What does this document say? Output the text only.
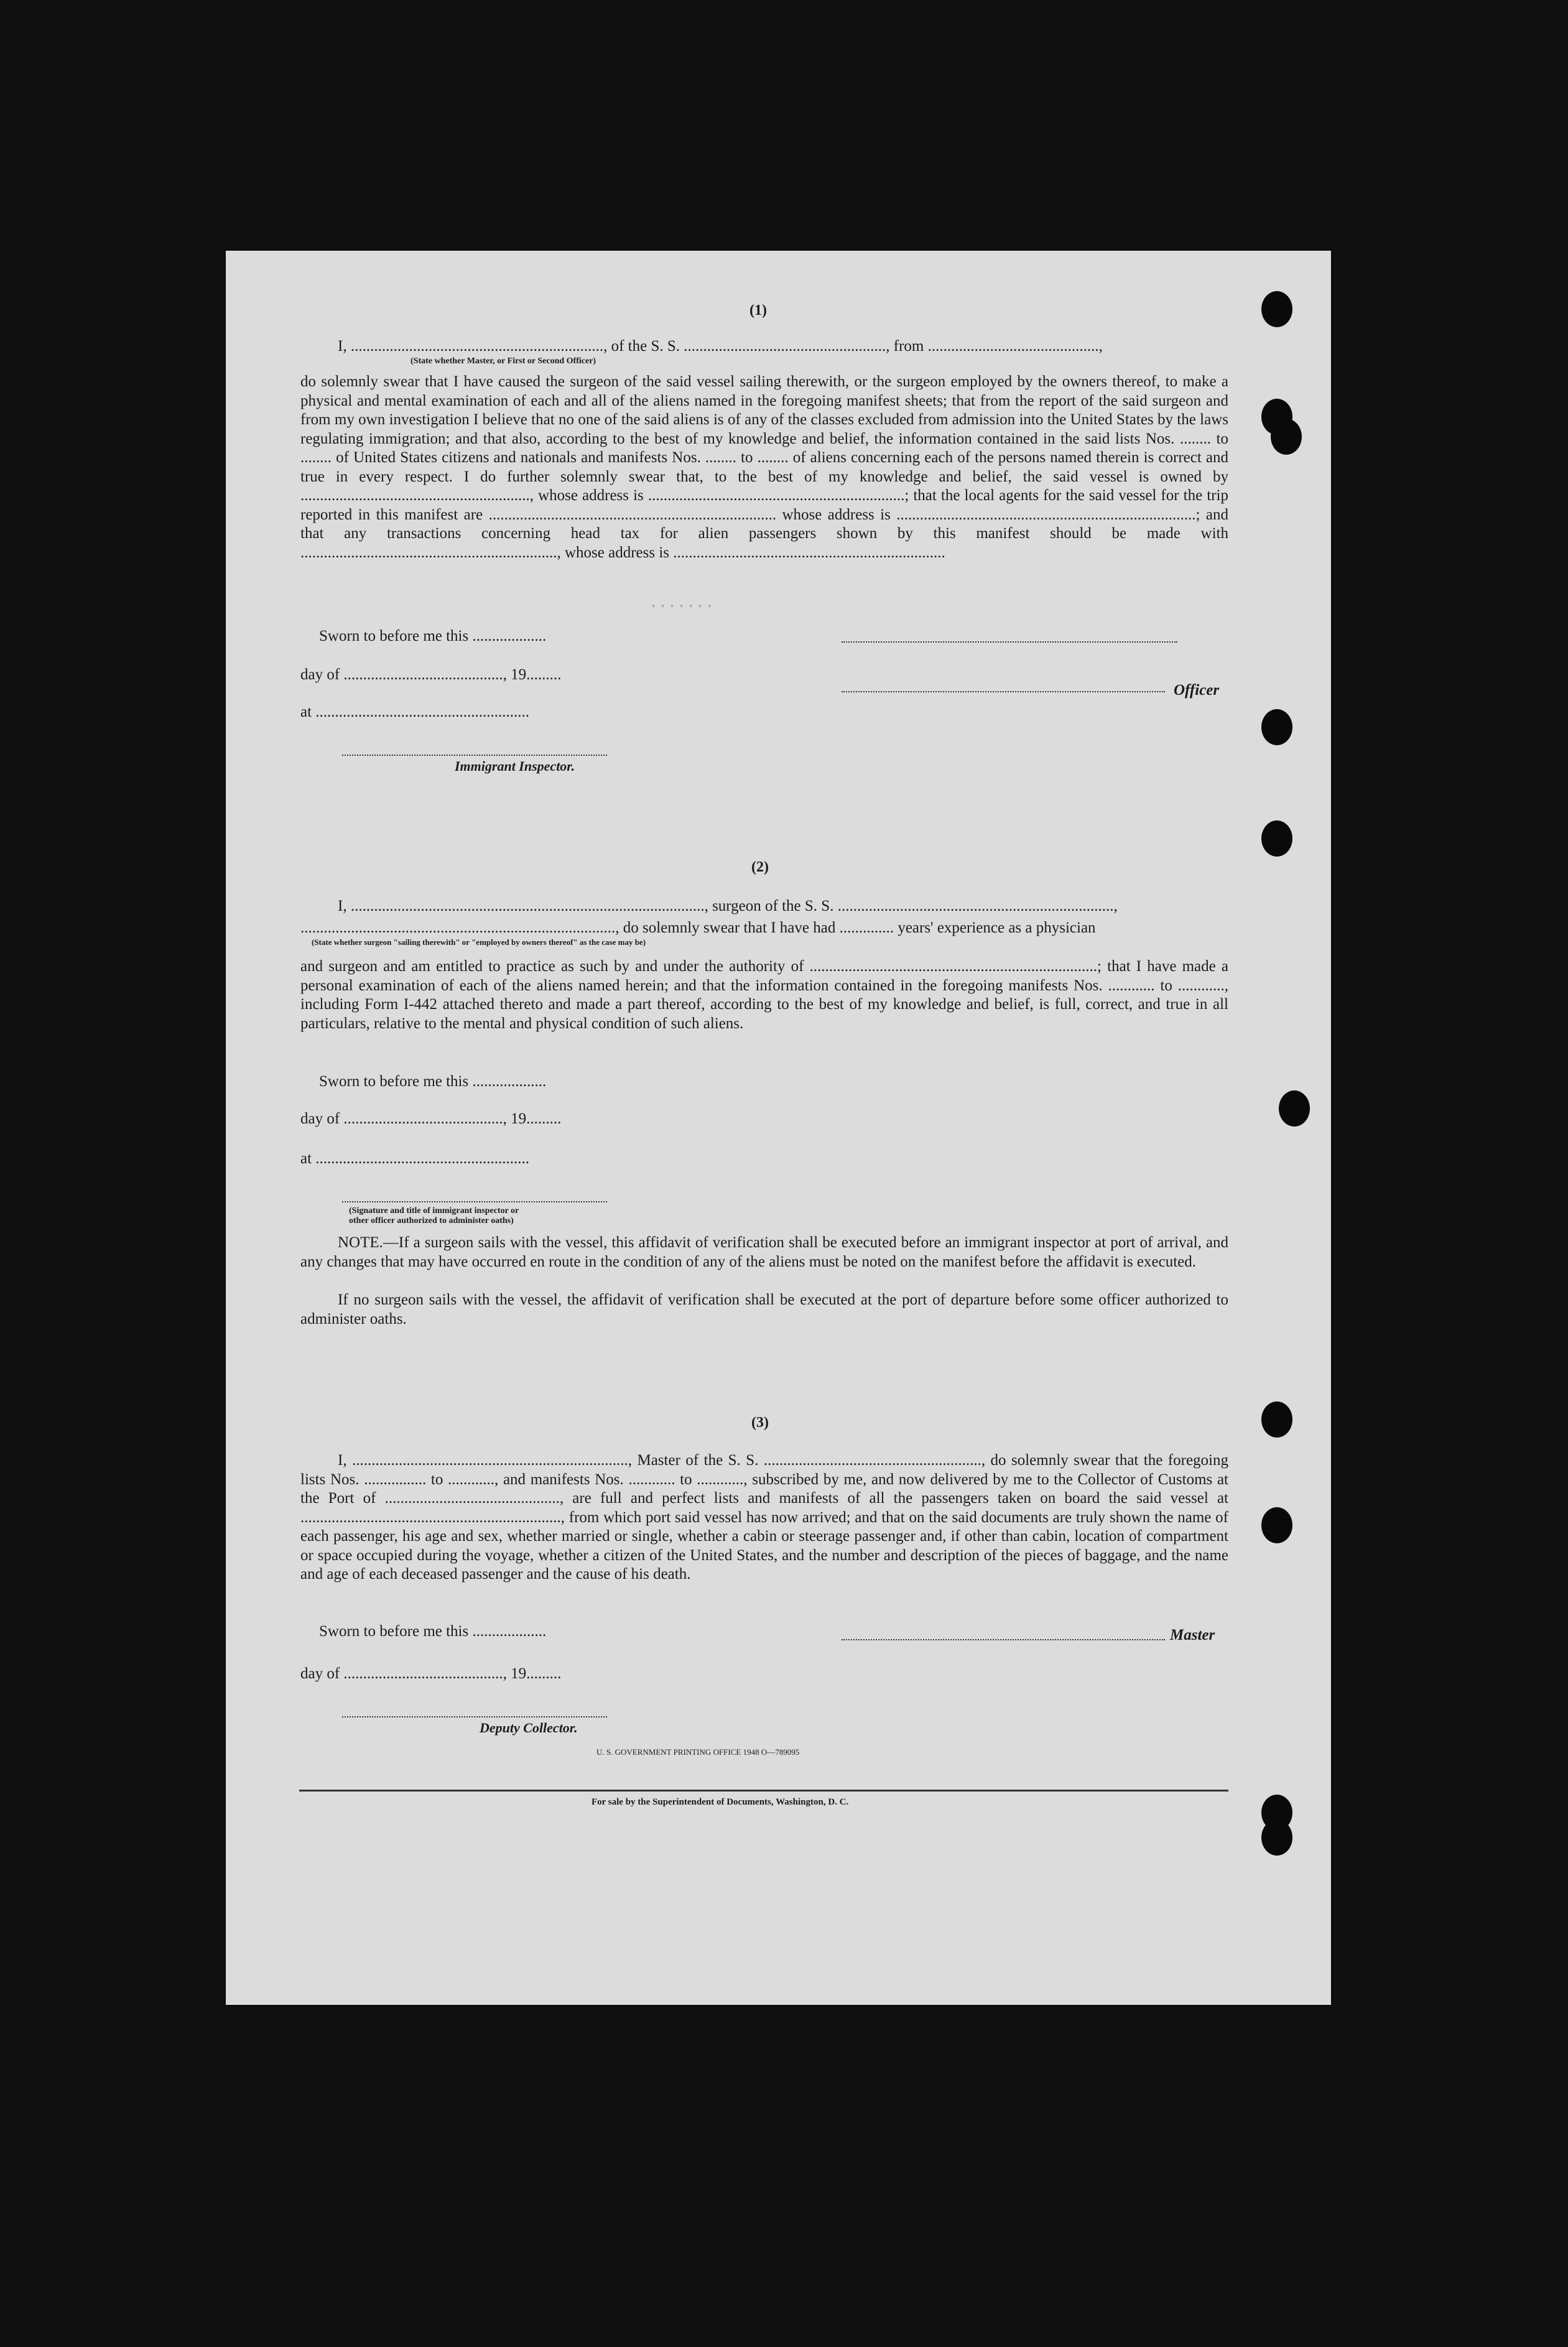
.......
(1)
I, ................................................................., of the S. S. ...................................................., from ............................................,
(State whether Master, or First or Second Officer)

do solemnly swear that I have caused the surgeon of the said vessel sailing therewith, or the surgeon employed by the owners thereof, to make a physical and mental examination of each and all of the aliens named in the foregoing manifest sheets; that from the report of the said surgeon and from my own investigation I believe that no one of the said aliens is of any of the classes excluded from admission into the United States by the laws regulating immigration; and that also, according to the best of my knowledge and belief, the information contained in the said lists Nos. ........ to ........ of United States citizens and nationals and manifests Nos. ........ to ........ of aliens concerning each of the persons named therein is correct and true in every respect. I do further solemnly swear that, to the best of my knowledge and belief, the said vessel is owned by ..........................................................., whose address is ..................................................................; that the local agents for the said vessel for the trip reported in this manifest are .......................................................................... whose address is .............................................................................; and that any transactions concerning head tax for alien passengers shown by this manifest should be made with .................................................................., whose address is ......................................................................

Sworn to before me this ...................
day of ........................................., 19.........
Officer
at .......................................................
Immigrant Inspector.
(2)
I, ..........................................................................................., surgeon of the S. S. .......................................................................,
................................................................................., do solemnly swear that I have had .............. years' experience as a physician
(State whether surgeon "sailing therewith" or "employed by owners thereof" as the case may be)

and surgeon and am entitled to practice as such by and under the authority of ..........................................................................; that I have made a personal examination of each of the aliens named herein; and that the information contained in the foregoing manifests Nos. ............ to ............, including Form I-442 attached thereto and made a part thereof, according to the best of my knowledge and belief, is full, correct, and true in all particulars, relative to the mental and physical condition of such aliens.

Sworn to before me this ...................
day of ........................................., 19.........
at .......................................................
(Signature and title of immigrant inspector or
other officer authorized to administer oaths)

NOTE.—If a surgeon sails with the vessel, this affidavit of verification shall be executed before an immigrant inspector at port of arrival, and any changes that may have occurred en route in the condition of any of the aliens must be noted on the manifest before the affidavit is executed.

If no surgeon sails with the vessel, the affidavit of verification shall be executed at the port of departure before some officer authorized to administer oaths.

(3)

I, ......................................................................., Master of the S. S. ........................................................, do solemnly swear that the foregoing lists Nos. ................ to ............, and manifests Nos. ............ to ............, subscribed by me, and now delivered by me to the Collector of Customs at the Port of ............................................., are full and perfect lists and manifests of all the passengers taken on board the said vessel at ..................................................................., from which port said vessel has now arrived; and that on the said documents are truly shown the name of each passenger, his age and sex, whether married or single, whether a cabin or steerage passenger and, if other than cabin, location of compartment or space occupied during the voyage, whether a citizen of the United States, and the number and description of the pieces of baggage, and the name and age of each deceased passenger and the cause of his death.

Sworn to before me this ...................	Master
day of ........................................., 19.........
Deputy Collector.
U. S. GOVERNMENT PRINTING OFFICE 1948 O—789095
For sale by the Superintendent of Documents, Washington, D. C.
